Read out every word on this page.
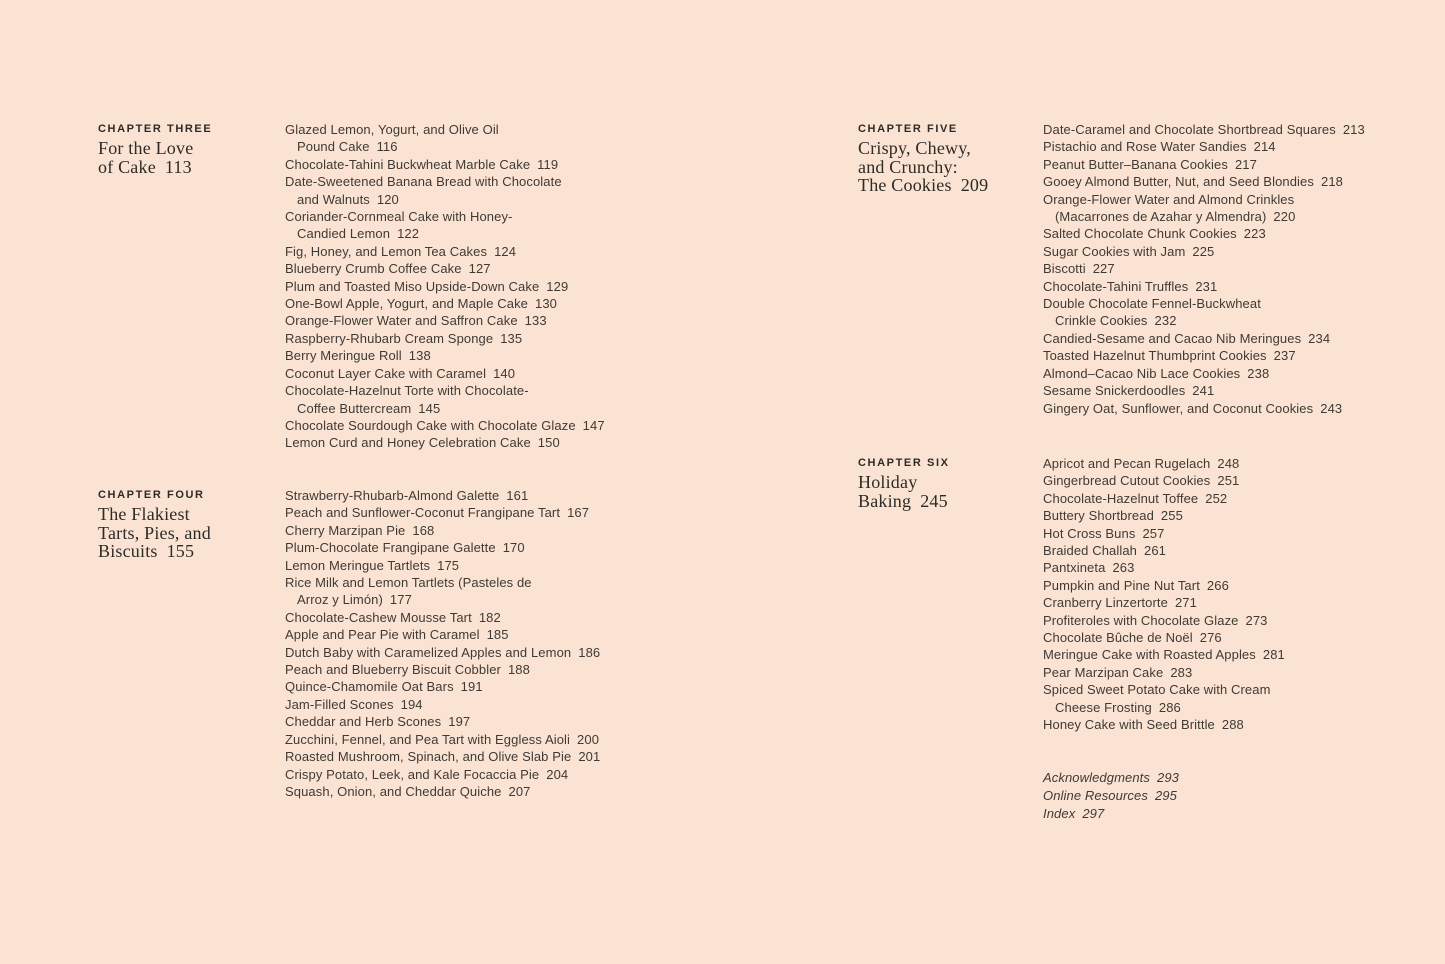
CHAPTER THREE
For the Love
of Cake 113
Glazed Lemon, Yogurt, and Olive Oil
Pound Cake 116
Chocolate-Tahini Buckwheat Marble Cake 119
Date-Sweetened Banana Bread with Chocolate
and Walnuts 120
Coriander-Cornmeal Cake with Honey-
Candied Lemon 122
Fig, Honey, and Lemon Tea Cakes 124
Blueberry Crumb Coffee Cake 127
Plum and Toasted Miso Upside-Down Cake 129
One-Bowl Apple, Yogurt, and Maple Cake 130
Orange-Flower Water and Saffron Cake 133
Raspberry-Rhubarb Cream Sponge 135
Berry Meringue Roll 138
Coconut Layer Cake with Caramel 140
Chocolate-Hazelnut Torte with Chocolate-
Coffee Buttercream 145
Chocolate Sourdough Cake with Chocolate Glaze 147
Lemon Curd and Honey Celebration Cake 150
CHAPTER FOUR
The Flakiest
Tarts, Pies, and
Biscuits 155
Strawberry-Rhubarb-Almond Galette 161
Peach and Sunflower-Coconut Frangipane Tart 167
Cherry Marzipan Pie 168
Plum-Chocolate Frangipane Galette 170
Lemon Meringue Tartlets 175
Rice Milk and Lemon Tartlets (Pasteles de
Arroz y Limón) 177
Chocolate-Cashew Mousse Tart 182
Apple and Pear Pie with Caramel 185
Dutch Baby with Caramelized Apples and Lemon 186
Peach and Blueberry Biscuit Cobbler 188
Quince-Chamomile Oat Bars 191
Jam-Filled Scones 194
Cheddar and Herb Scones 197
Zucchini, Fennel, and Pea Tart with Eggless Aioli 200
Roasted Mushroom, Spinach, and Olive Slab Pie 201
Crispy Potato, Leek, and Kale Focaccia Pie 204
Squash, Onion, and Cheddar Quiche 207
CHAPTER FIVE
Crispy, Chewy,
and Crunchy:
The Cookies 209
Date-Caramel and Chocolate Shortbread Squares 213
Pistachio and Rose Water Sandies 214
Peanut Butter–Banana Cookies 217
Gooey Almond Butter, Nut, and Seed Blondies 218
Orange-Flower Water and Almond Crinkles
(Macarrones de Azahar y Almendra) 220
Salted Chocolate Chunk Cookies 223
Sugar Cookies with Jam 225
Biscotti 227
Chocolate-Tahini Truffles 231
Double Chocolate Fennel-Buckwheat
Crinkle Cookies 232
Candied-Sesame and Cacao Nib Meringues 234
Toasted Hazelnut Thumbprint Cookies 237
Almond–Cacao Nib Lace Cookies 238
Sesame Snickerdoodles 241
Gingery Oat, Sunflower, and Coconut Cookies 243
CHAPTER SIX
Holiday
Baking 245
Apricot and Pecan Rugelach 248
Gingerbread Cutout Cookies 251
Chocolate-Hazelnut Toffee 252
Buttery Shortbread 255
Hot Cross Buns 257
Braided Challah 261
Pantxineta 263
Pumpkin and Pine Nut Tart 266
Cranberry Linzertorte 271
Profiteroles with Chocolate Glaze 273
Chocolate Bûche de Noël 276
Meringue Cake with Roasted Apples 281
Pear Marzipan Cake 283
Spiced Sweet Potato Cake with Cream
Cheese Frosting 286
Honey Cake with Seed Brittle 288
Acknowledgments 293
Online Resources 295
Index 297
